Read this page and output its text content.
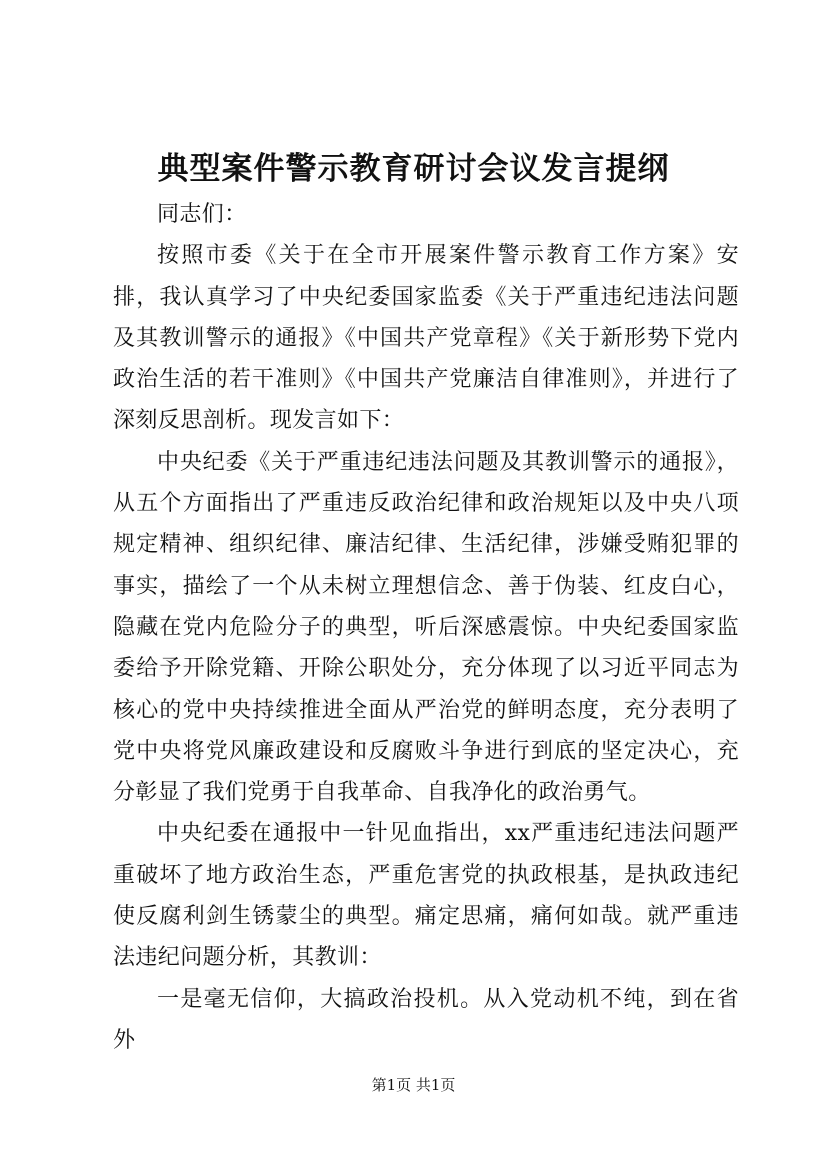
典型案件警示教育研讨会议发言提纲

同志们：

按照市委《关于在全市开展案件警示教育工作方案》安排，我认真学习了中央纪委国家监委《关于严重违纪违法问题及其教训警示的通报》《中国共产党章程》《关于新形势下党内政治生活的若干准则》《中国共产党廉洁自律准则》，并进行了深刻反思剖析。现发言如下：

中央纪委《关于严重违纪违法问题及其教训警示的通报》，从五个方面指出了严重违反政治纪律和政治规矩以及中央八项规定精神、组织纪律、廉洁纪律、生活纪律，涉嫌受贿犯罪的事实，描绘了一个从未树立理想信念、善于伪装、红皮白心，隐藏在党内危险分子的典型，听后深感震惊。中央纪委国家监委给予开除党籍、开除公职处分，充分体现了以习近平同志为核心的党中央持续推进全面从严治党的鲜明态度，充分表明了党中央将党风廉政建设和反腐败斗争进行到底的坚定决心，充分彰显了我们党勇于自我革命、自我净化的政治勇气。

中央纪委在通报中一针见血指出，xx严重违纪违法问题严重破坏了地方政治生态，严重危害党的执政根基，是执政违纪使反腐利剑生锈蒙尘的典型。痛定思痛，痛何如哉。就严重违法违纪问题分析，其教训：

一是毫无信仰，大搞政治投机。从入党动机不纯，到在省外

第1页 共1页
